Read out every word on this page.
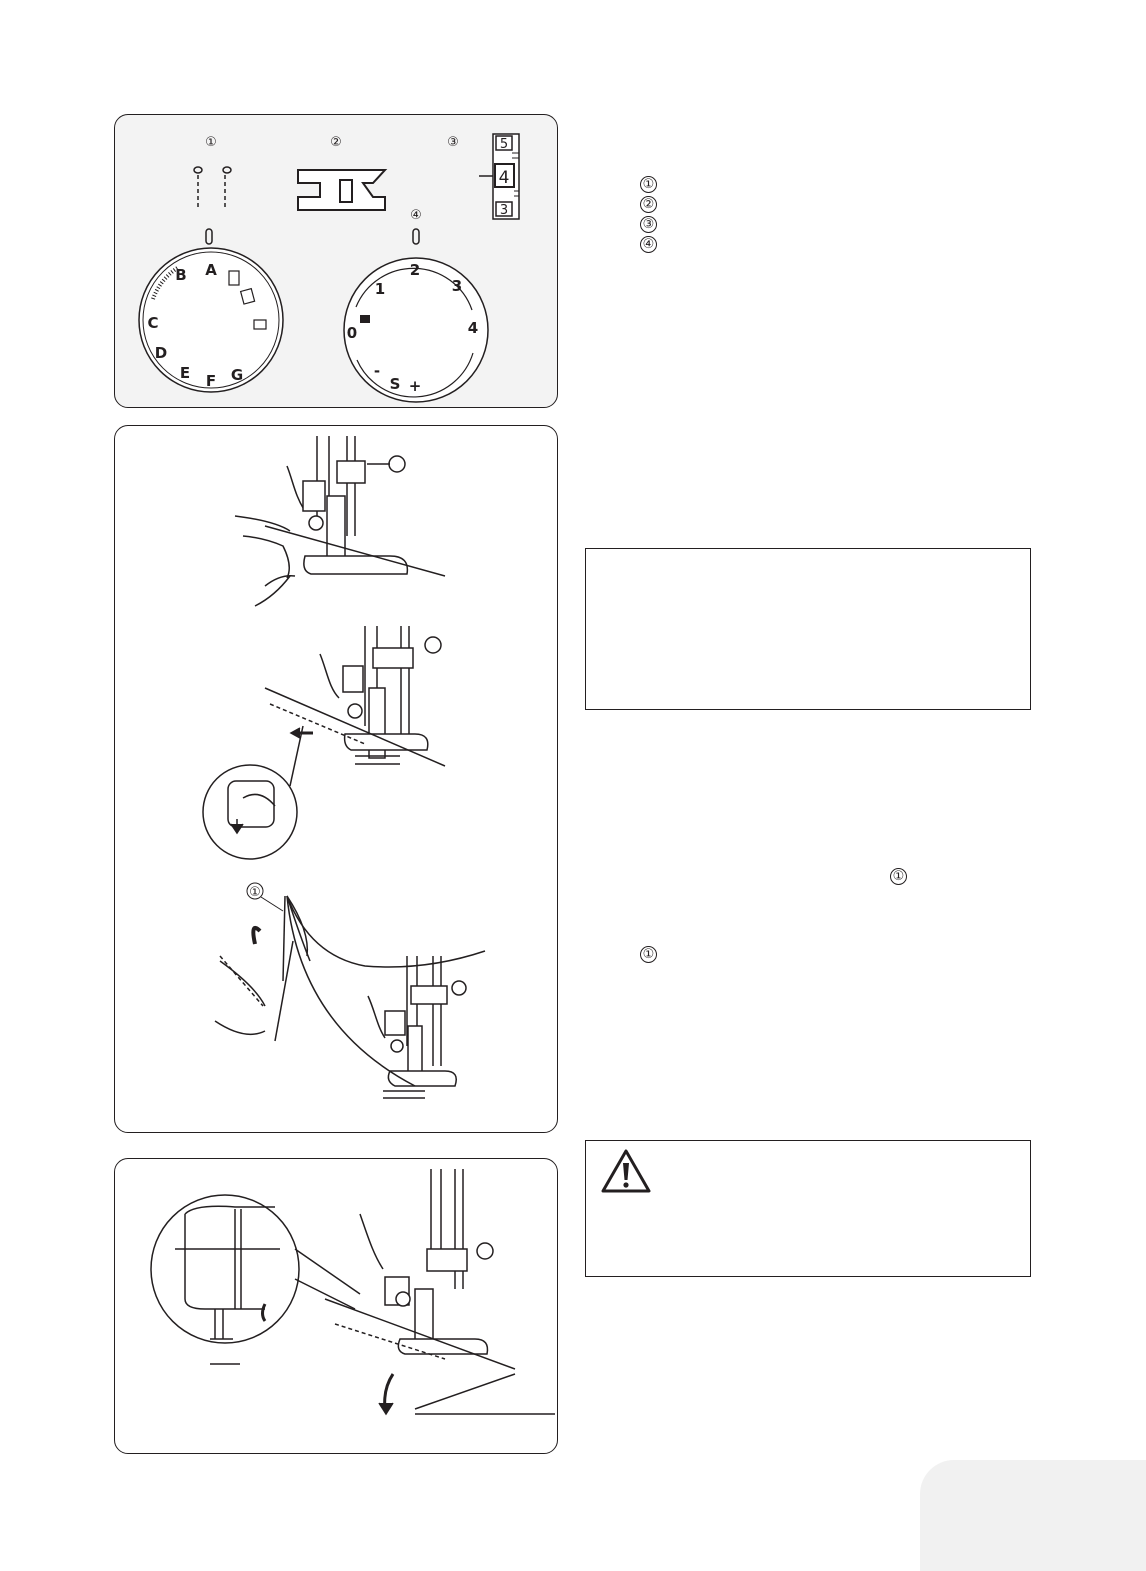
①	②	③
④
5
4
3
A
B
C
D
E F G
0
1
2
3
4
S
-
+
①
②
③
④
①
①
①
